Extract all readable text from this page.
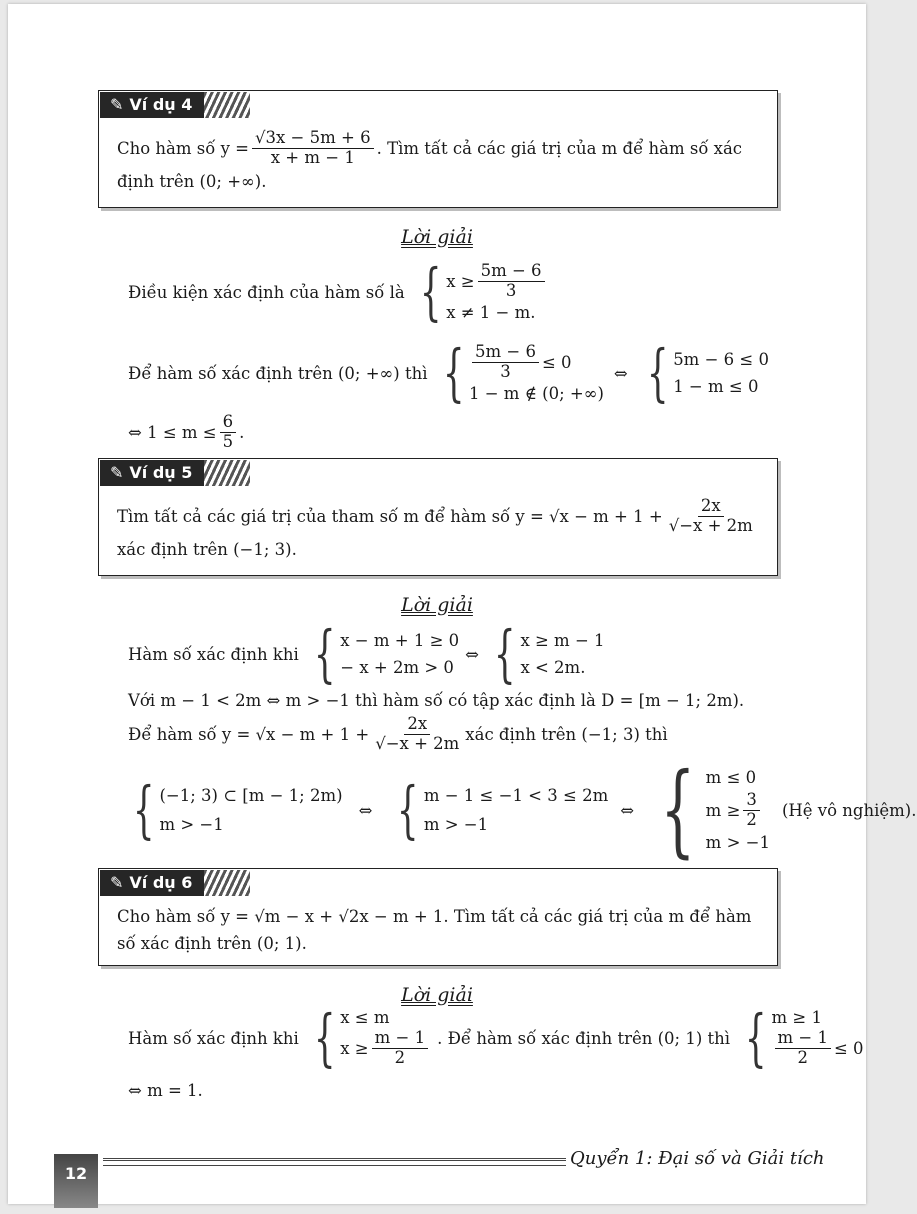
Cho hàm số $y = \frac{√3x - 5m + 6}{x + m - 1}$ . Tìm tất cả các giá trị của m để hàm số xác
định trên (0; +∞).
✎ Ví dụ 4
Lời giải
Điều kiện xác định của hàm số là { $x \ge \frac{5m - 6}{3}$
x ≠ 1 − m.
Để hàm số xác định trên (0; +∞) thì { $\frac{5m - 6}{3} \le 0$
1 − m ∉ (0; +∞)
⇔ { 5m − 6 ≤ 0
1 − m ≤ 0
⇔ $1 \le m \le \frac{6}{5}$ .
Tìm tất cả các giá trị của tham số m để hàm số $y = √x - m + 1 + \frac{2x}{√-x + 2m}$
xác định trên (−1; 3).
✎ Ví dụ 5
Lời giải
Hàm số xác định khi { x − m + 1 ≥ 0
− x + 2m > 0
⇔ { x ≥ m − 1
x < 2m.
Với m − 1 < 2m ⇔ m > −1 thì hàm số có tập xác định là D = [m − 1; 2m).
Để hàm số $y = √x - m + 1 + \frac{2x}{√-x + 2m}$ xác định trên (−1; 3) thì
{ (−1; 3) ⊂ [m − 1; 2m)
m > −1
⇔ { m − 1 ≤ −1 < 3 ≤ 2m
m > −1
⇔ { m ≤ 0
$m \ge \frac{3}{2}$
m > −1
(Hệ vô nghiệm).
Cho hàm số y = √m − x + √2x − m + 1. Tìm tất cả các giá trị của m để hàm
số xác định trên (0; 1).
✎ Ví dụ 6
Lời giải
Hàm số xác định khi { x ≤ m
$x \ge \frac{m - 1}{2}$ . Để hàm số xác định trên (0; 1) thì { m ≥ 1
$\frac{m - 1}{2} \le 0$
⇔ m = 1.
12
Quyển 1: Đại số và Giải tích
